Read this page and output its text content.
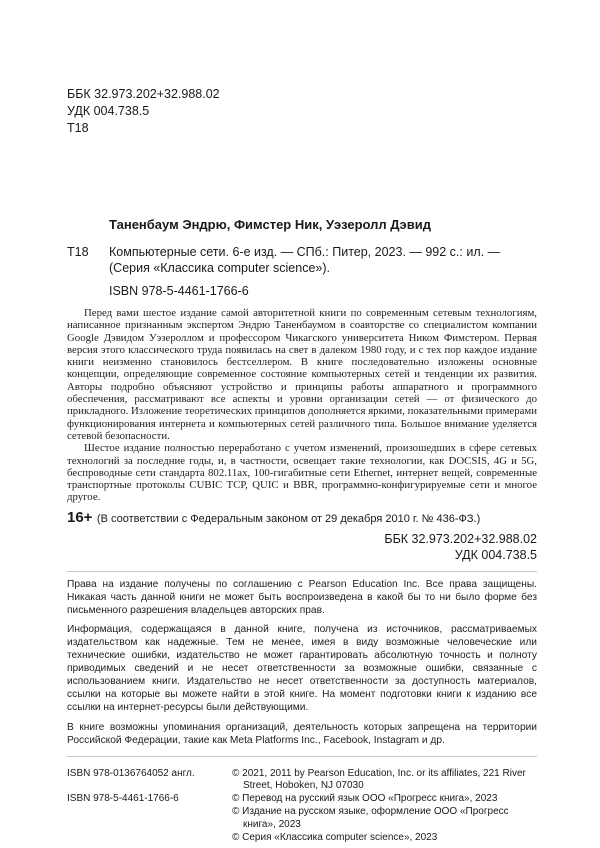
ББК 32.973.202+32.988.02
УДК 004.738.5
Т18
Таненбаум Эндрю, Фимстер Ник, Уэзеролл Дэвид
Т18 Компьютерные сети. 6-е изд. — СПб.: Питер, 2023. — 992 с.: ил. — (Серия «Классика computer science»).
ISBN 978-5-4461-1766-6

Перед вами шестое издание самой авторитетной книги по современным сетевым технологиям, написанное признанным экспертом Эндрю Таненбаумом в соавторстве со специалистом компании Google Дэвидом Уэзероллом и профессором Чикагского университета Ником Фимстером. Первая версия этого классического труда появилась на свет в далеком 1980 году, и с тех пор каждое издание книги неизменно становилось бестселлером. В книге последовательно изложены основные концепции, определяющие современное состояние компьютерных сетей и тенденции их развития. Авторы подробно объясняют устройство и принципы работы аппаратного и программного обеспечения, рассматривают все аспекты и уровни организации сетей — от физического до прикладного. Изложение теоретических принципов дополняется яркими, показательными примерами функционирования интернета и компьютерных сетей различного типа. Большое внимание уделяется сетевой безопасности.

Шестое издание полностью переработано с учетом изменений, произошедших в сфере сетевых технологий за последние годы, и, в частности, освещает такие технологии, как DOCSIS, 4G и 5G, беспроводные сети стандарта 802.11ax, 100-гигабитные сети Ethernet, интернет вещей, современные транспортные протоколы CUBIC TCP, QUIC и BBR, программно-конфигурируемые сети и многое другое.

16+ (В соответствии с Федеральным законом от 29 декабря 2010 г. № 436-ФЗ.)
ББК 32.973.202+32.988.02
УДК 004.738.5

Права на издание получены по соглашению с Pearson Education Inc. Все права защищены. Никакая часть данной книги не может быть воспроизведена в какой бы то ни было форме без письменного разрешения владельцев авторских прав.

Информация, содержащаяся в данной книге, получена из источников, рассматриваемых издательством как надежные. Тем не менее, имея в виду возможные человеческие или технические ошибки, издательство не может гарантировать абсолютную точность и полноту приводимых сведений и не несет ответственности за возможные ошибки, связанные с использованием книги. Издательство не несет ответственности за доступность материалов, ссылки на которые вы можете найти в этой книге. На момент подготовки книги к изданию все ссылки на интернет-ресурсы были действующими.

В книге возможны упоминания организаций, деятельность которых запрещена на территории Российской Федерации, такие как Meta Platforms Inc., Facebook, Instagram и др.

ISBN 978-0136764052 англ.
ISBN 978-5-4461-1766-6

© 2021, 2011 by Pearson Education, Inc. or its affiliates, 221 River Street, Hoboken, NJ 07030

© Перевод на русский язык ООО «Прогресс книга», 2023

© Издание на русском языке, оформление ООО «Прогресс книга», 2023

© Серия «Классика computer science», 2023
